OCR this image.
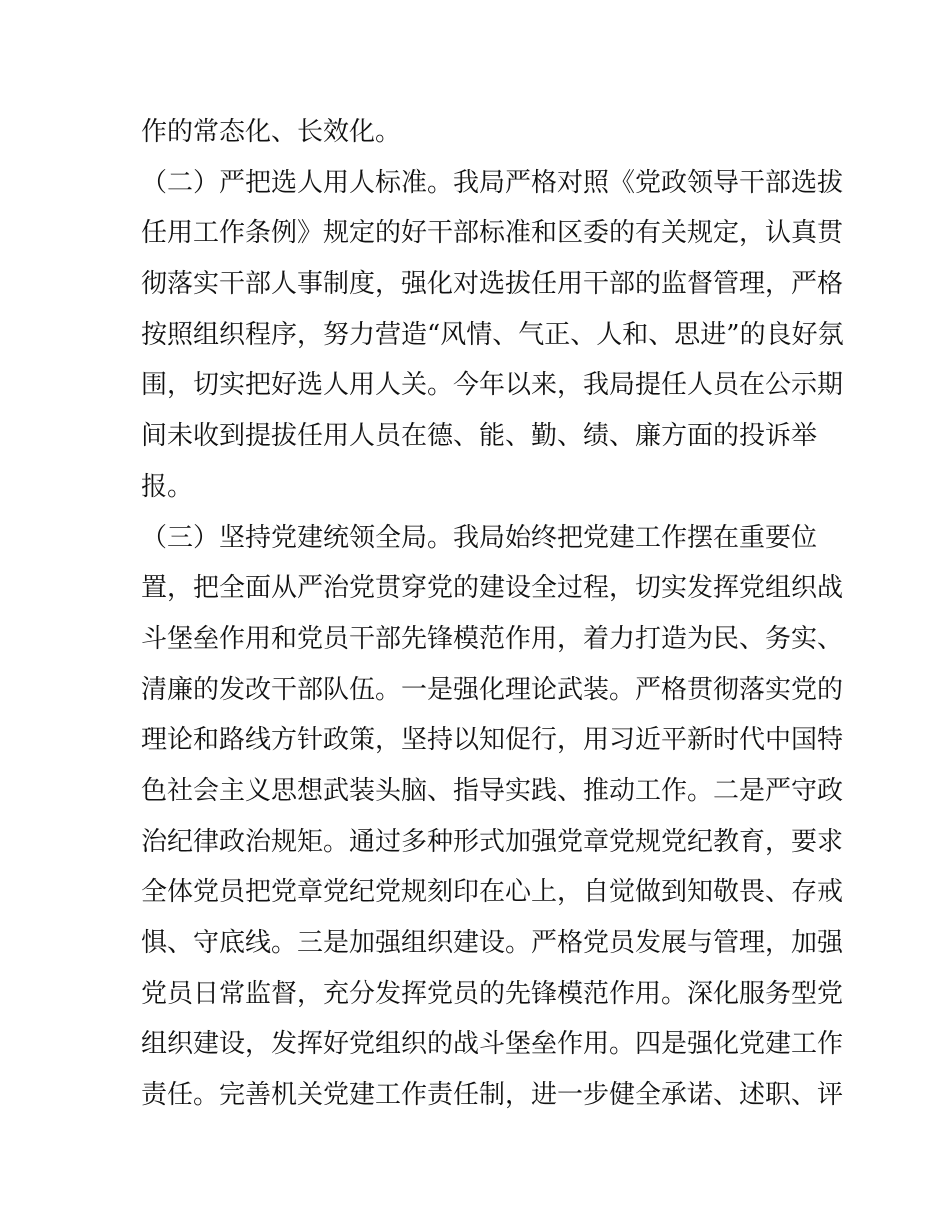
作的常态化、长效化。
（二）严把选人用人标准。我局严格对照《党政领导干部选拔
任用工作条例》规定的好干部标准和区委的有关规定，认真贯
彻落实干部人事制度，强化对选拔任用干部的监督管理，严格
按照组织程序，努力营造“风情、气正、人和、思进”的良好氛
围，切实把好选人用人关。今年以来，我局提任人员在公示期
间未收到提拔任用人员在德、能、勤、绩、廉方面的投诉举
报。
（三）坚持党建统领全局。我局始终把党建工作摆在重要位
置，把全面从严治党贯穿党的建设全过程，切实发挥党组织战
斗堡垒作用和党员干部先锋模范作用，着力打造为民、务实、
清廉的发改干部队伍。一是强化理论武装。严格贯彻落实党的
理论和路线方针政策，坚持以知促行，用习近平新时代中国特
色社会主义思想武装头脑、指导实践、推动工作。二是严守政
治纪律政治规矩。通过多种形式加强党章党规党纪教育，要求
全体党员把党章党纪党规刻印在心上，自觉做到知敬畏、存戒
惧、守底线。三是加强组织建设。严格党员发展与管理，加强
党员日常监督，充分发挥党员的先锋模范作用。深化服务型党
组织建设，发挥好党组织的战斗堡垒作用。四是强化党建工作
责任。完善机关党建工作责任制，进一步健全承诺、述职、评
